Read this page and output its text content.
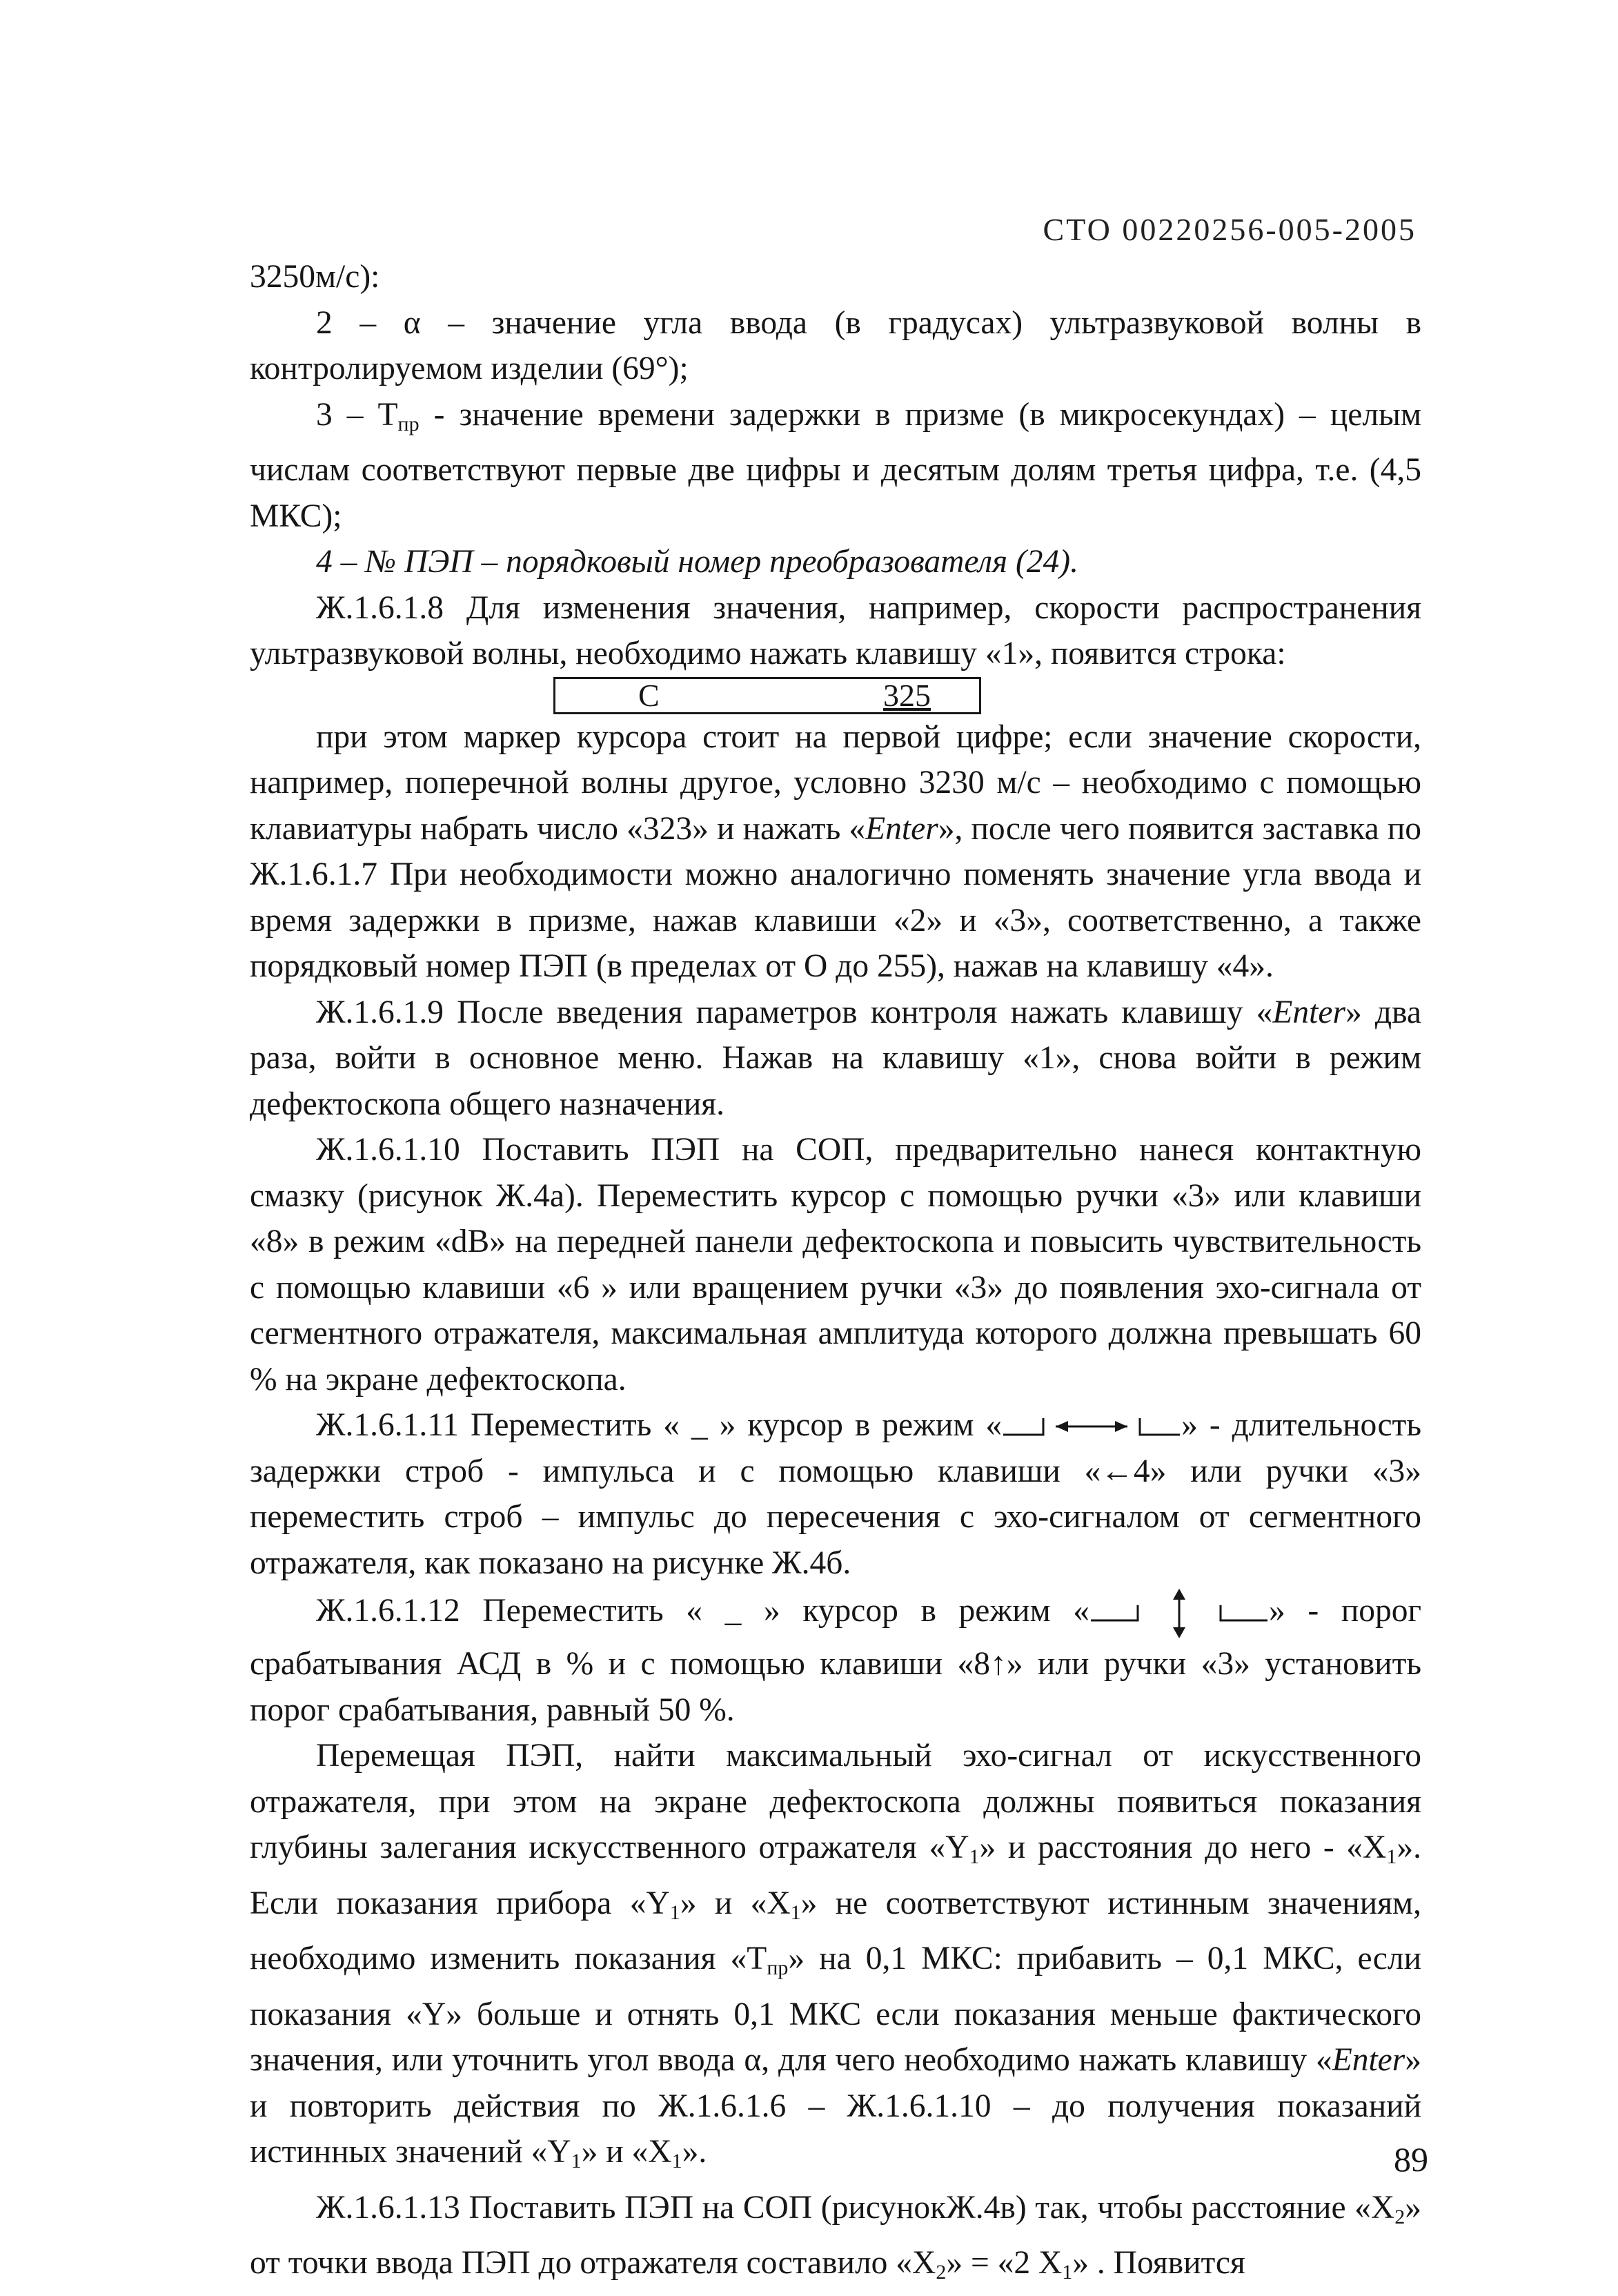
СТО 00220256-005-2005

3250м/с):

2 – α – значение угла ввода (в градусах) ультразвуковой волны в контролируемом изделии (69°);

$3 - Т_{пр}$ - значение времени задержки в призме (в микросекундах) – целым числам соответствуют первые две цифры и десятым долям третья цифра, т.е. (4,5 МКС);

4 – № ПЭП – порядковый номер преобразователя (24).

Ж.1.6.1.8 Для изменения значения, например, скорости распространения ультразвуковой волны, необходимо нажать клавишу «1», появится строка:

С	325

при этом маркер курсора стоит на первой цифре; если значение скорости, например, поперечной волны другое, условно 3230 м/с – необходимо с помощью клавиатуры набрать число «323» и нажать «Enter», после чего появится заставка по Ж.1.6.1.7 При необходимости можно аналогично поменять значение угла ввода и время задержки в призме, нажав клавиши «2» и «3», соответственно, а также порядковый номер ПЭП (в пределах от О до 255), нажав на клавишу «4».

Ж.1.6.1.9 После введения параметров контроля нажать клавишу «Enter» два раза, войти в основное меню. Нажав на клавишу «1», снова войти в режим дефектоскопа общего назначения.

Ж.1.6.1.10 Поставить ПЭП на СОП, предварительно нанеся контактную смазку (рисунок Ж.4а). Переместить курсор с помощью ручки «3» или клавиши «8» в режим «dB» на передней панели дефектоскопа и повысить чувствительность с помощью клавиши «6 » или вращением ручки «3» до появления эхо-сигнала от сегментного отражателя, максимальная амплитуда которого должна превышать 60 % на экране дефектоскопа.

Ж.1.6.1.11 Переместить « _ » курсор в режим «	» - длительность задержки строб - импульса и с помощью клавиши «←4» или ручки «3» переместить строб – импульс до пересечения с эхо-сигналом от сегментного отражателя, как показано на рисунке Ж.4б.

Ж.1.6.1.12 Переместить « _ » курсор в режим «	» - порог срабатывания АСД в % и с помощью клавиши «8↑» или ручки «3» установить порог срабатывания, равный 50 %.

Перемещая ПЭП, найти максимальный эхо-сигнал от искусственного отражателя, при этом на экране дефектоскопа должны появиться показания глубины залегания искусственного отражателя «$Y_1$» и расстояния до него - «$X_1$». Если показания прибора «$Y_1$» и «$X_1$» не соответствуют истинным значениям, необходимо изменить показания «$Т_{пр}$» на 0,1 МКС: прибавить – 0,1 МКС, если показания «Y» больше и отнять 0,1 МКС если показания меньше фактического значения, или уточнить угол ввода α, для чего необходимо нажать клавишу «Enter» и повторить действия по Ж.1.6.1.6 – Ж.1.6.1.10 – до получения показаний истинных значений «$Y_1$» и «$X_1$».

Ж.1.6.1.13 Поставить ПЭП на СОП (рисунокЖ.4в) так, чтобы расстояние «$X_2$» от точки ввода ПЭП до отражателя составило «$X_2$» = «2 $X_1$» . Появится

89
